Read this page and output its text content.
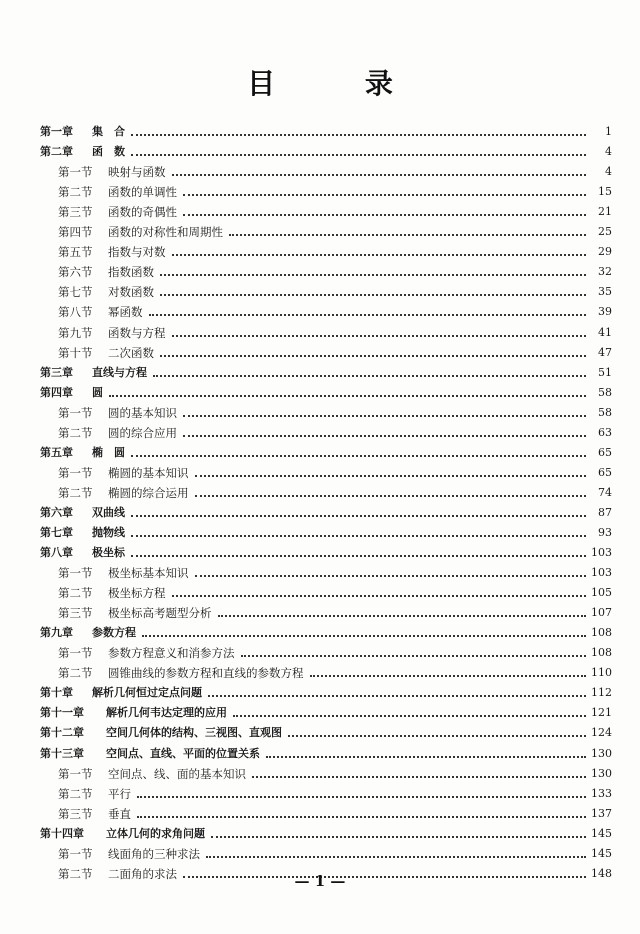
目 录
第一章	集　合	1
第二章	函　数	4
第一节	映射与函数	4
第二节	函数的单调性	15
第三节	函数的奇偶性	21
第四节	函数的对称性和周期性	25
第五节	指数与对数	29
第六节	指数函数	32
第七节	对数函数	35
第八节	幂函数	39
第九节	函数与方程	41
第十节	二次函数	47
第三章	直线与方程	51
第四章	圆	58
第一节	圆的基本知识	58
第二节	圆的综合应用	63
第五章	椭　圆	65
第一节	椭圆的基本知识	65
第二节	椭圆的综合运用	74
第六章	双曲线	87
第七章	抛物线	93
第八章	极坐标	103
第一节	极坐标基本知识	103
第二节	极坐标方程	105
第三节	极坐标高考题型分析	107
第九章	参数方程	108
第一节	参数方程意义和消参方法	108
第二节	圆锥曲线的参数方程和直线的参数方程	110
第十章	解析几何恒过定点问题	112
第十一章	解析几何韦达定理的应用	121
第十二章	空间几何体的结构、三视图、直观图	124
第十三章	空间点、直线、平面的位置关系	130
第一节	空间点、线、面的基本知识	130
第二节	平行	133
第三节	垂直	137
第十四章	立体几何的求角问题	145
第一节	线面角的三种求法	145
第二节	二面角的求法	148
— 1 —
